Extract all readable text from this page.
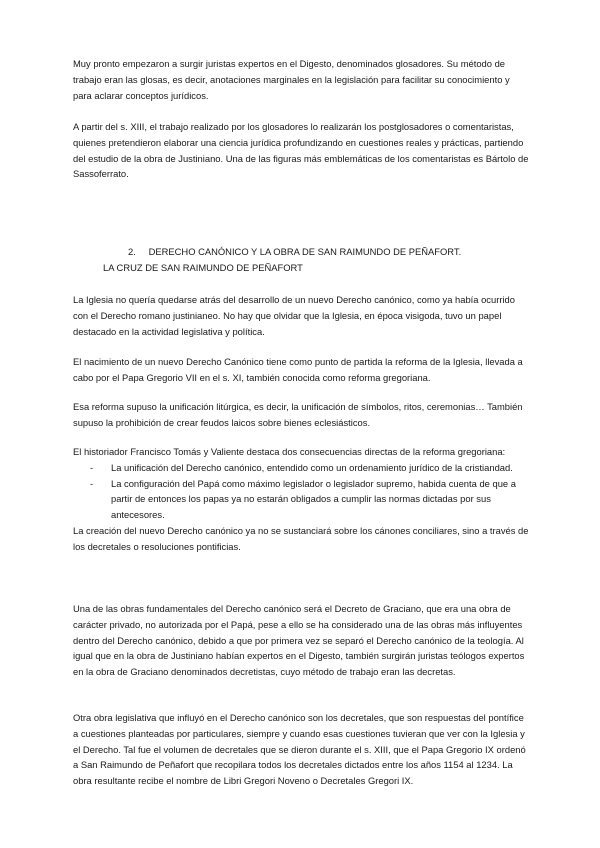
Muy pronto empezaron a surgir juristas expertos en el Digesto, denominados glosadores. Su método de trabajo eran las glosas, es decir, anotaciones marginales en la legislación para facilitar su conocimiento y para aclarar conceptos jurídicos.

A partir del s. XIII, el trabajo realizado por los glosadores lo realizarán los postglosadores o comentaristas, quienes pretendieron elaborar una ciencia jurídica profundizando en cuestiones reales y prácticas, partiendo del estudio de la obra de Justiniano. Una de las figuras más emblemáticas de los comentaristas es Bártolo de Sassoferrato.

2. DERECHO CANÓNICO Y LA OBRA DE SAN RAIMUNDO DE PEÑAFORT.
LA CRUZ DE SAN RAIMUNDO DE PEÑAFORT

La Iglesia no quería quedarse atrás del desarrollo de un nuevo Derecho canónico, como ya había ocurrido con el Derecho romano justinianeo. No hay que olvidar que la Iglesia, en época visigoda, tuvo un papel destacado en la actividad legislativa y política.

El nacimiento de un nuevo Derecho Canónico tiene como punto de partida la reforma de la Iglesia, llevada a cabo por el Papa Gregorio VII en el s. XI, también conocida como reforma gregoriana.

Esa reforma supuso la unificación litúrgica, es decir, la unificación de símbolos, ritos, ceremonias… También supuso la prohibición de crear feudos laicos sobre bienes eclesiásticos.

El historiador Francisco Tomás y Valiente destaca dos consecuencias directas de la reforma gregoriana:

- La unificación del Derecho canónico, entendido como un ordenamiento jurídico de la cristiandad.
- La configuración del Papá como máximo legislador o legislador supremo, habida cuenta de que a partir de entonces los papas ya no estarán obligados a cumplir las normas dictadas por sus antecesores.

La creación del nuevo Derecho canónico ya no se sustanciará sobre los cánones conciliares, sino a través de los decretales o resoluciones pontificias.

Una de las obras fundamentales del Derecho canónico será el Decreto de Graciano, que era una obra de carácter privado, no autorizada por el Papá, pese a ello se ha considerado una de las obras más influyentes dentro del Derecho canónico, debido a que por primera vez se separó el Derecho canónico de la teología. Al igual que en la obra de Justiniano habían expertos en el Digesto, también surgirán juristas teólogos expertos en la obra de Graciano denominados decretistas, cuyo método de trabajo eran las decretas.

Otra obra legislativa que influyó en el Derecho canónico son los decretales, que son respuestas del pontífice a cuestiones planteadas por particulares, siempre y cuando esas cuestiones tuvieran que ver con la Iglesia y el Derecho. Tal fue el volumen de decretales que se dieron durante el s. XIII, que el Papa Gregorio IX ordenó a San Raimundo de Peñafort que recopilara todos los decretales dictados entre los años 1154 al 1234. La obra resultante recibe el nombre de Libri Gregori Noveno o Decretales Gregori IX.
